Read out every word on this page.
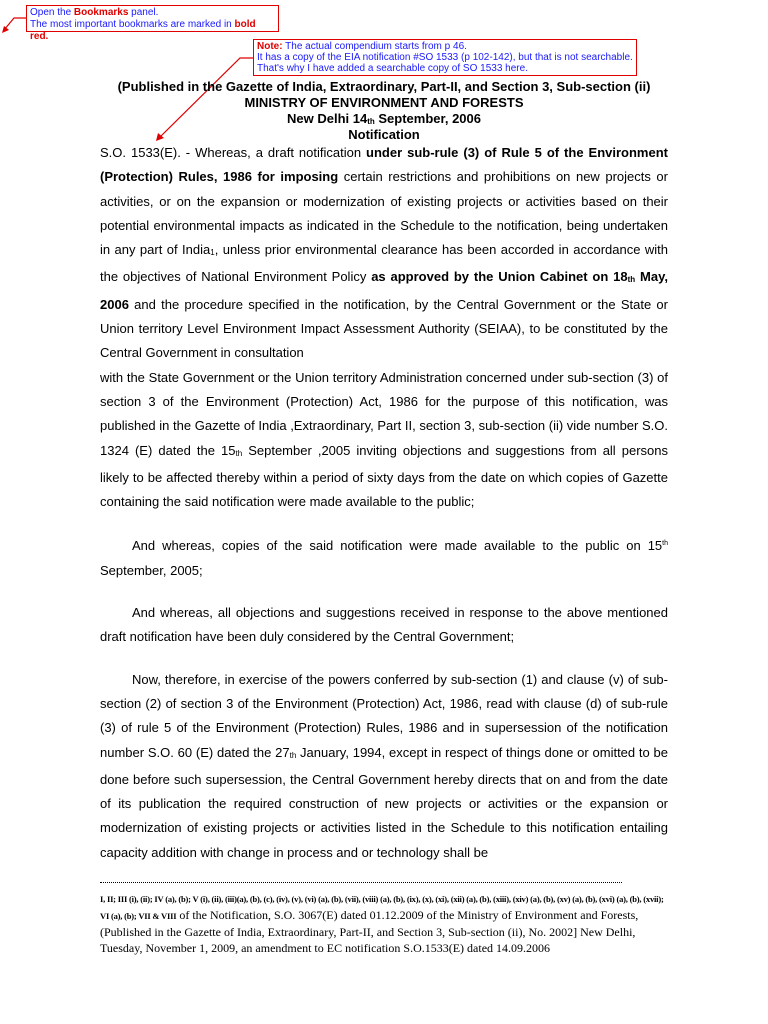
Open the Bookmarks panel.
The most important bookmarks are marked in bold red.
Note: The actual compendium starts from p 46.
It has a copy of the EIA notification #SO 1533 (p 102-142), but that is not searchable.
That's why I have added a searchable copy of SO 1533 here.
(Published in the Gazette of India, Extraordinary, Part-II, and Section 3, Sub-section (ii)
MINISTRY OF ENVIRONMENT AND FORESTS
New Delhi 14th September, 2006
Notification

S.O. 1533(E). - Whereas, a draft notification under sub-rule (3) of Rule 5 of the Environment (Protection) Rules, 1986 for imposing certain restrictions and prohibitions on new projects or activities, or on the expansion or modernization of existing projects or activities based on their potential environmental impacts as indicated in the Schedule to the notification, being undertaken in any part of India1, unless prior environmental clearance has been accorded in accordance with the objectives of National Environment Policy as approved by the Union Cabinet on 18th May, 2006 and the procedure specified in the notification, by the Central Government or the State or Union territory Level Environment Impact Assessment Authority (SEIAA), to be constituted by the Central Government in consultation

with the State Government or the Union territory Administration concerned under sub-section (3) of section 3 of the Environment (Protection) Act, 1986 for the purpose of this notification, was published in the Gazette of India ,Extraordinary, Part II, section 3, sub-section (ii) vide number S.O. 1324 (E) dated the 15th September ,2005 inviting objections and suggestions from all persons likely to be affected thereby within a period of sixty days from the date on which copies of Gazette containing the said notification were made available to the public;

And whereas, copies of the said notification were made available to the public on 15th September, 2005;

And whereas, all objections and suggestions received in response to the above mentioned draft notification have been duly considered by the Central Government;

Now, therefore, in exercise of the powers conferred by sub-section (1) and clause (v) of sub-section (2) of section 3 of the Environment (Protection) Act, 1986, read with clause (d) of sub-rule (3) of rule 5 of the Environment (Protection) Rules, 1986 and in supersession of the notification number S.O. 60 (E) dated the 27th January, 1994, except in respect of things done or omitted to be done before such supersession, the Central Government hereby directs that on and from the date of its publication the required construction of new projects or activities or the expansion or modernization of existing projects or activities listed in the Schedule to this notification entailing capacity addition with change in process and or technology shall be

I, II; III (i), (ii); IV (a), (b); V (i), (ii), (iii)(a), (b), (c), (iv), (v), (vi) (a), (b), (vii), (viii) (a), (b), (ix), (x), (xi), (xii) (a), (b), (xiii), (xiv) (a), (b), (xv) (a), (b), (xvi) (a), (b), (xvii); VI (a), (b); VII & VIII of the Notification, S.O. 3067(E) dated 01.12.2009 of the Ministry of Environment and Forests, (Published in the Gazette of India, Extraordinary, Part-II, and Section 3, Sub-section (ii), No. 2002] New Delhi, Tuesday, November 1, 2009, an amendment to EC notification S.O.1533(E) dated 14.09.2006
